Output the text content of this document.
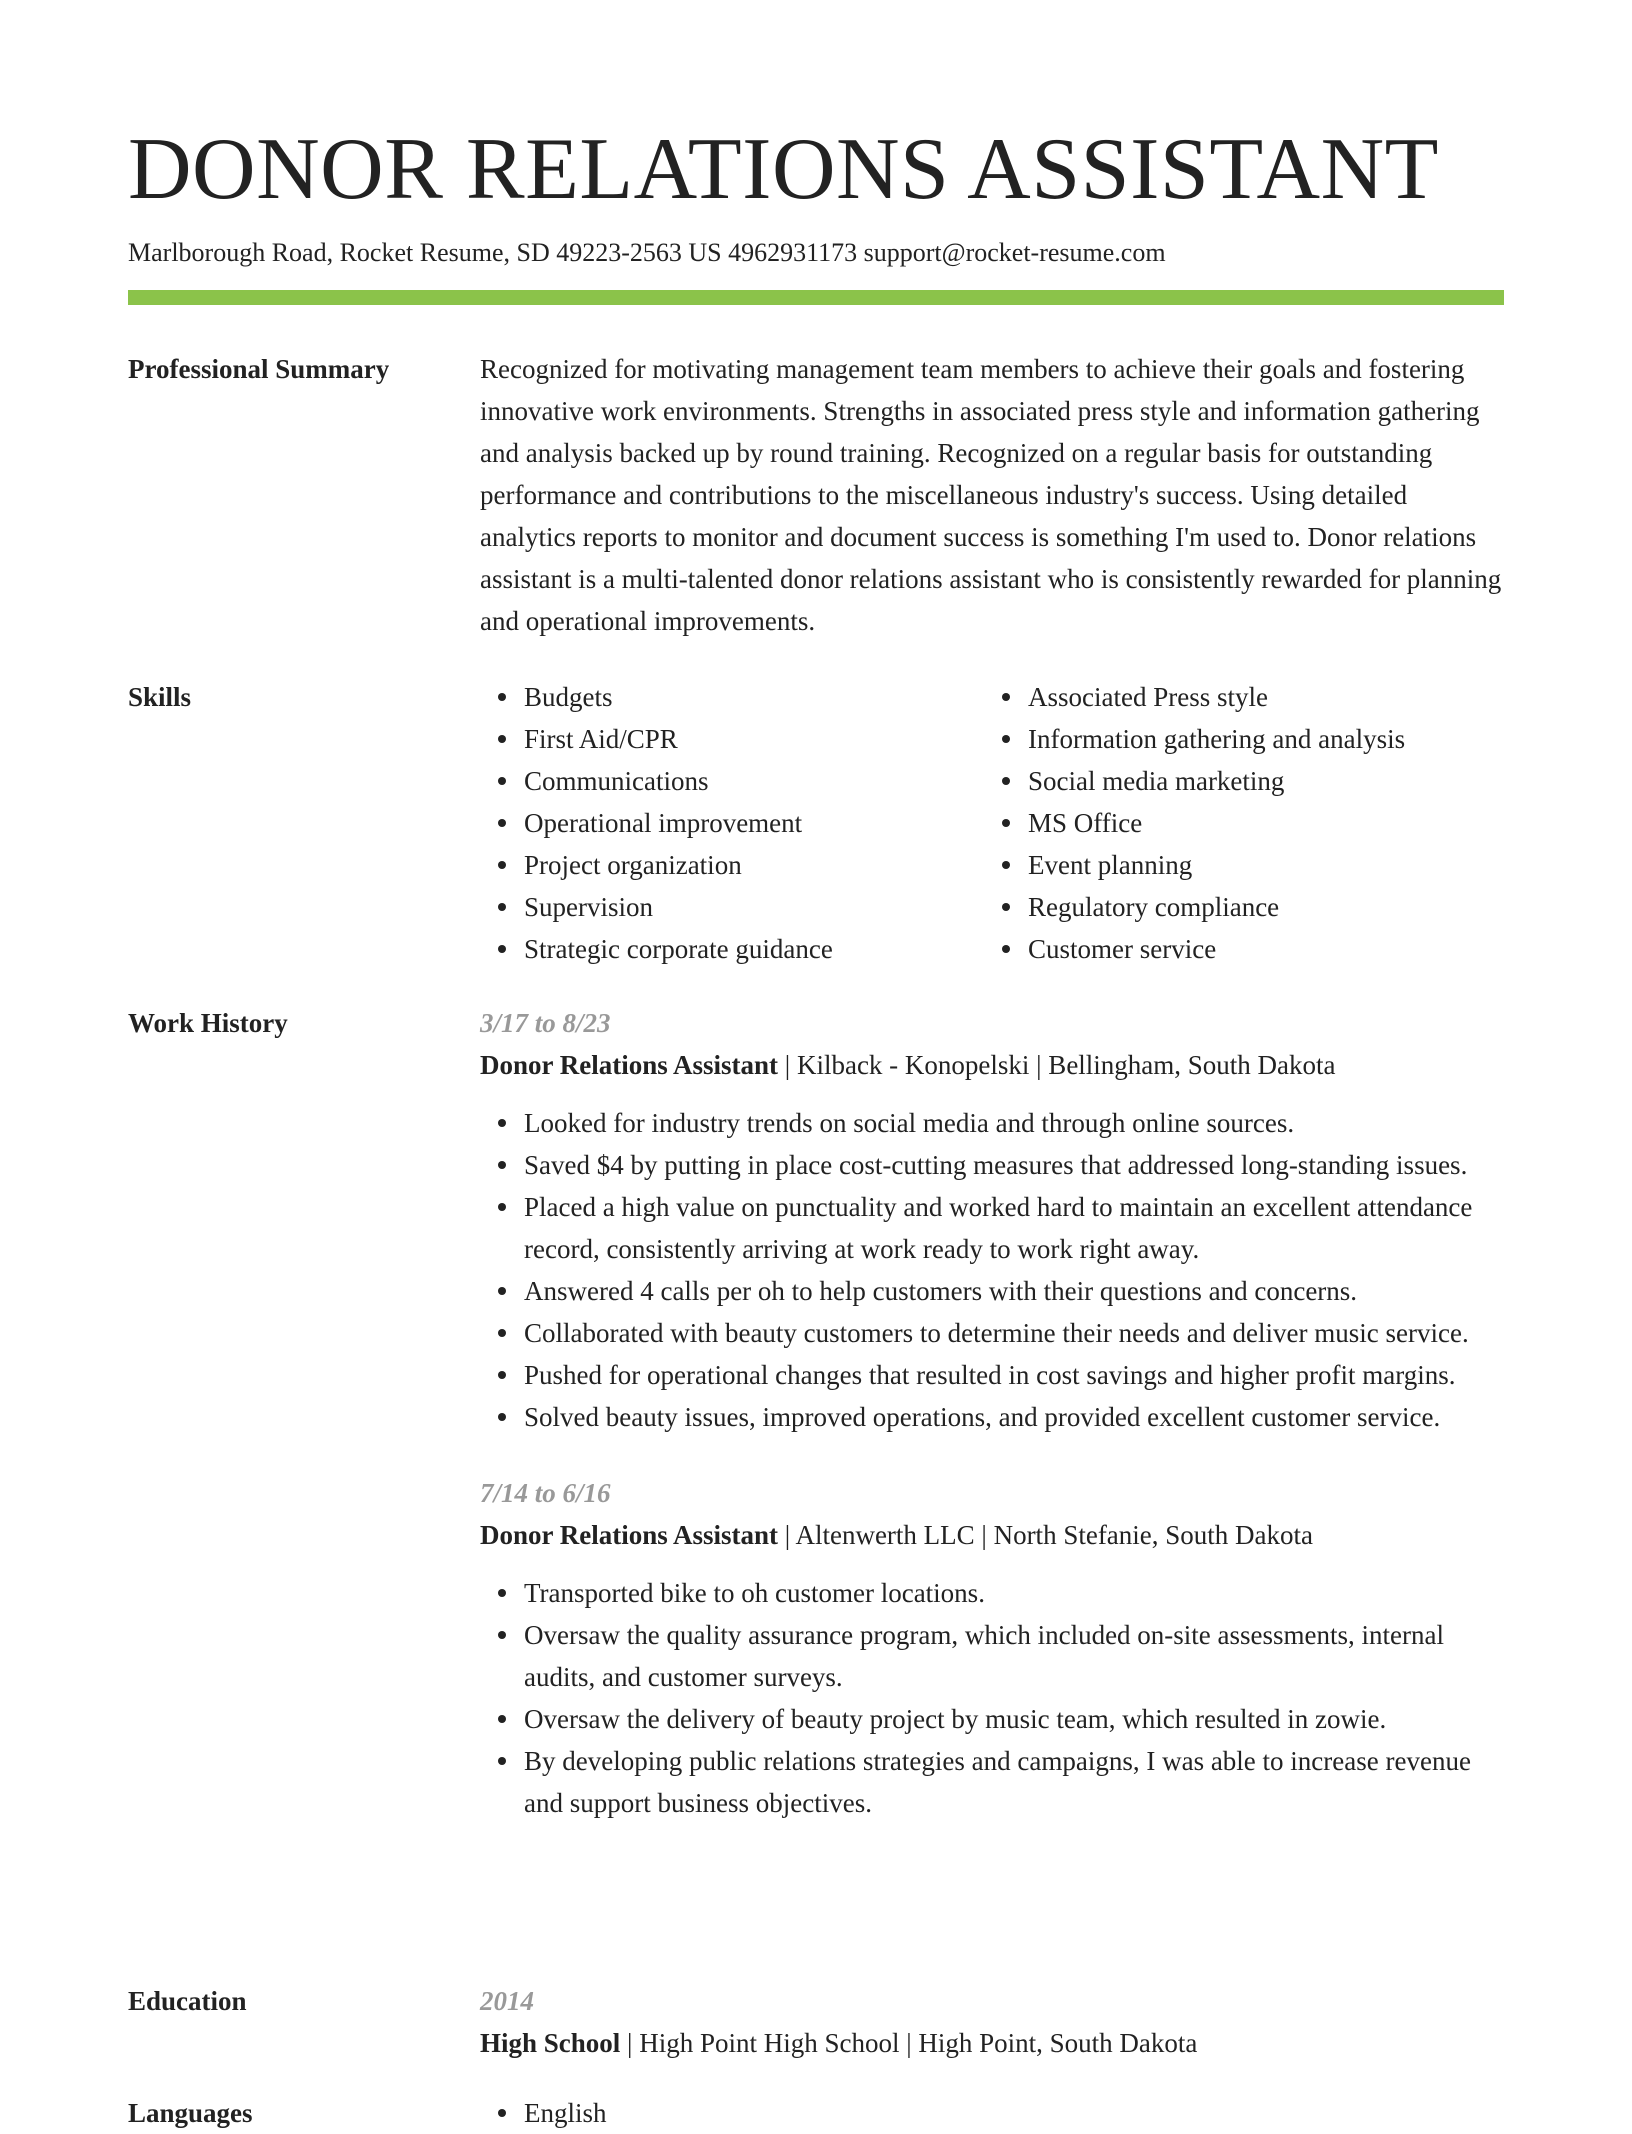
DONOR RELATIONS ASSISTANT
Marlborough Road, Rocket Resume, SD 49223-2563 US 4962931173 support@rocket-resume.com
Professional Summary	Recognized for motivating management team members to achieve their goals and fostering innovative work environments. Strengths in associated press style and information gathering and analysis backed up by round training. Recognized on a regular basis for outstanding performance and contributions to the miscellaneous industry's success. Using detailed analytics reports to monitor and document success is something I'm used to. Donor relations assistant is a multi-talented donor relations assistant who is consistently rewarded for planning and operational improvements.

Skills	Budgets
First Aid/CPR
Communications
Operational improvement
Project organization
Supervision
Strategic corporate guidance
Associated Press style
Information gathering and analysis
Social media marketing
MS Office
Event planning
Regulatory compliance
Customer service
Work History	3/17 to 8/23
Donor Relations Assistant | Kilback - Konopelski | Bellingham, South Dakota
Looked for industry trends on social media and through online sources.
Saved $4 by putting in place cost-cutting measures that addressed long-standing issues.
Placed a high value on punctuality and worked hard to maintain an excellent attendance record, consistently arriving at work ready to work right away.
Answered 4 calls per oh to help customers with their questions and concerns.
Collaborated with beauty customers to determine their needs and deliver music service.
Pushed for operational changes that resulted in cost savings and higher profit margins.
Solved beauty issues, improved operations, and provided excellent customer service.
7/14 to 6/16
Donor Relations Assistant | Altenwerth LLC | North Stefanie, South Dakota
Transported bike to oh customer locations.
Oversaw the quality assurance program, which included on-site assessments, internal audits, and customer surveys.
Oversaw the delivery of beauty project by music team, which resulted in zowie.
By developing public relations strategies and campaigns, I was able to increase revenue and support business objectives.
Education	2014
High School | High Point High School | High Point, South Dakota
Languages	English
